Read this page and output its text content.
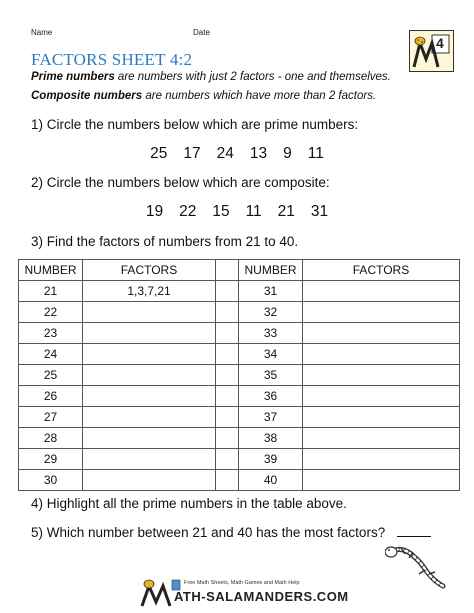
Name	Date
4
FACTORS SHEET 4:2
Prime numbers are numbers with just 2 factors - one and themselves.
Composite numbers are numbers which have more than 2 factors.
1) Circle the numbers below which are prime numbers:
25 17 24 13 9 11
2) Circle the numbers below which are composite:
19 22 15 11 21 31
3) Find the factors of numbers from 21 to 40.
NUMBER	FACTORS		NUMBER	FACTORS
21	1,3,7,21		31	
22			32	
23			33	
24			34	
25			35	
26			36	
27			37	
28			38	
29			39	
30			40	
4) Highlight all the prime numbers in the table above.
5) Which number between 21 and 40 has the most factors?
Free Math Sheets, Math Games and Math Help
ATH-SALAMANDERS.COM
